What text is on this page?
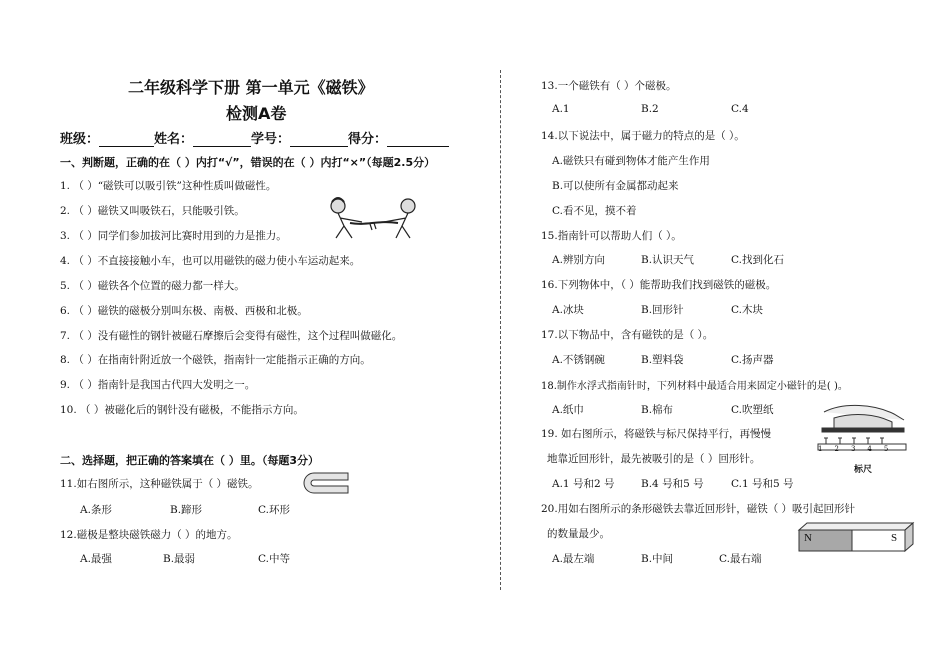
二年级科学下册 第一单元《磁铁》
检测A卷
班级：	姓名：	学号：	得分：
一、判断题，正确的在（ ）内打“√”，错误的在（ ）内打“×”（每题2.5分）
1. （ ）“磁铁可以吸引铁”这种性质叫做磁性。
2. （ ）磁铁又叫吸铁石，只能吸引铁。
3. （ ）同学们参加拔河比赛时用到的力是推力。
4. （ ）不直接接触小车，也可以用磁铁的磁力使小车运动起来。
5. （ ）磁铁各个位置的磁力都一样大。
6. （ ）磁铁的磁极分别叫东极、南极、西极和北极。
7. （ ）没有磁性的钢针被磁石摩擦后会变得有磁性，这个过程叫做磁化。
8. （ ）在指南针附近放一个磁铁，指南针一定能指示正确的方向。
9. （ ）指南针是我国古代四大发明之一。
10. （ ）被磁化后的钢针没有磁极，不能指示方向。
二、选择题，把正确的答案填在（ ）里。（每题3分）
11.如右图所示，这种磁铁属于（ ）磁铁。
A.条形	B.蹄形	C.环形
12.磁极是整块磁铁磁力（ ）的地方。
A.最强	B.最弱	C.中等
13.一个磁铁有（ ）个磁极。
A.1	B.2	C.4
14.以下说法中，属于磁力的特点的是（ ）。
A.磁铁只有碰到物体才能产生作用
B.可以使所有金属都动起来
C.看不见，摸不着
15.指南针可以帮助人们（ ）。
A.辨别方向	B.认识天气	C.找到化石
16.下列物体中，（ ）能帮助我们找到磁铁的磁极。
A.冰块	B.回形针	C.木块
17.以下物品中，含有磁铁的是（ ）。
A.不锈钢碗	B.塑料袋	C.扬声器
18.制作水浮式指南针时，下列材料中最适合用来固定小磁针的是( )。
A.纸巾	B.棉布	C.吹塑纸
19. 如右图所示，将磁铁与标尺保持平行，再慢慢
地靠近回形针，最先被吸引的是（ ）回形针。
A.1 号和2 号	B.4 号和5 号	C.1 号和5 号
1 2 3 4 5
标尺
20.用如右图所示的条形磁铁去靠近回形针，磁铁（ ）吸引起回形针
的数量最少。	N	S
A.最左端	B.中间	C.最右端
